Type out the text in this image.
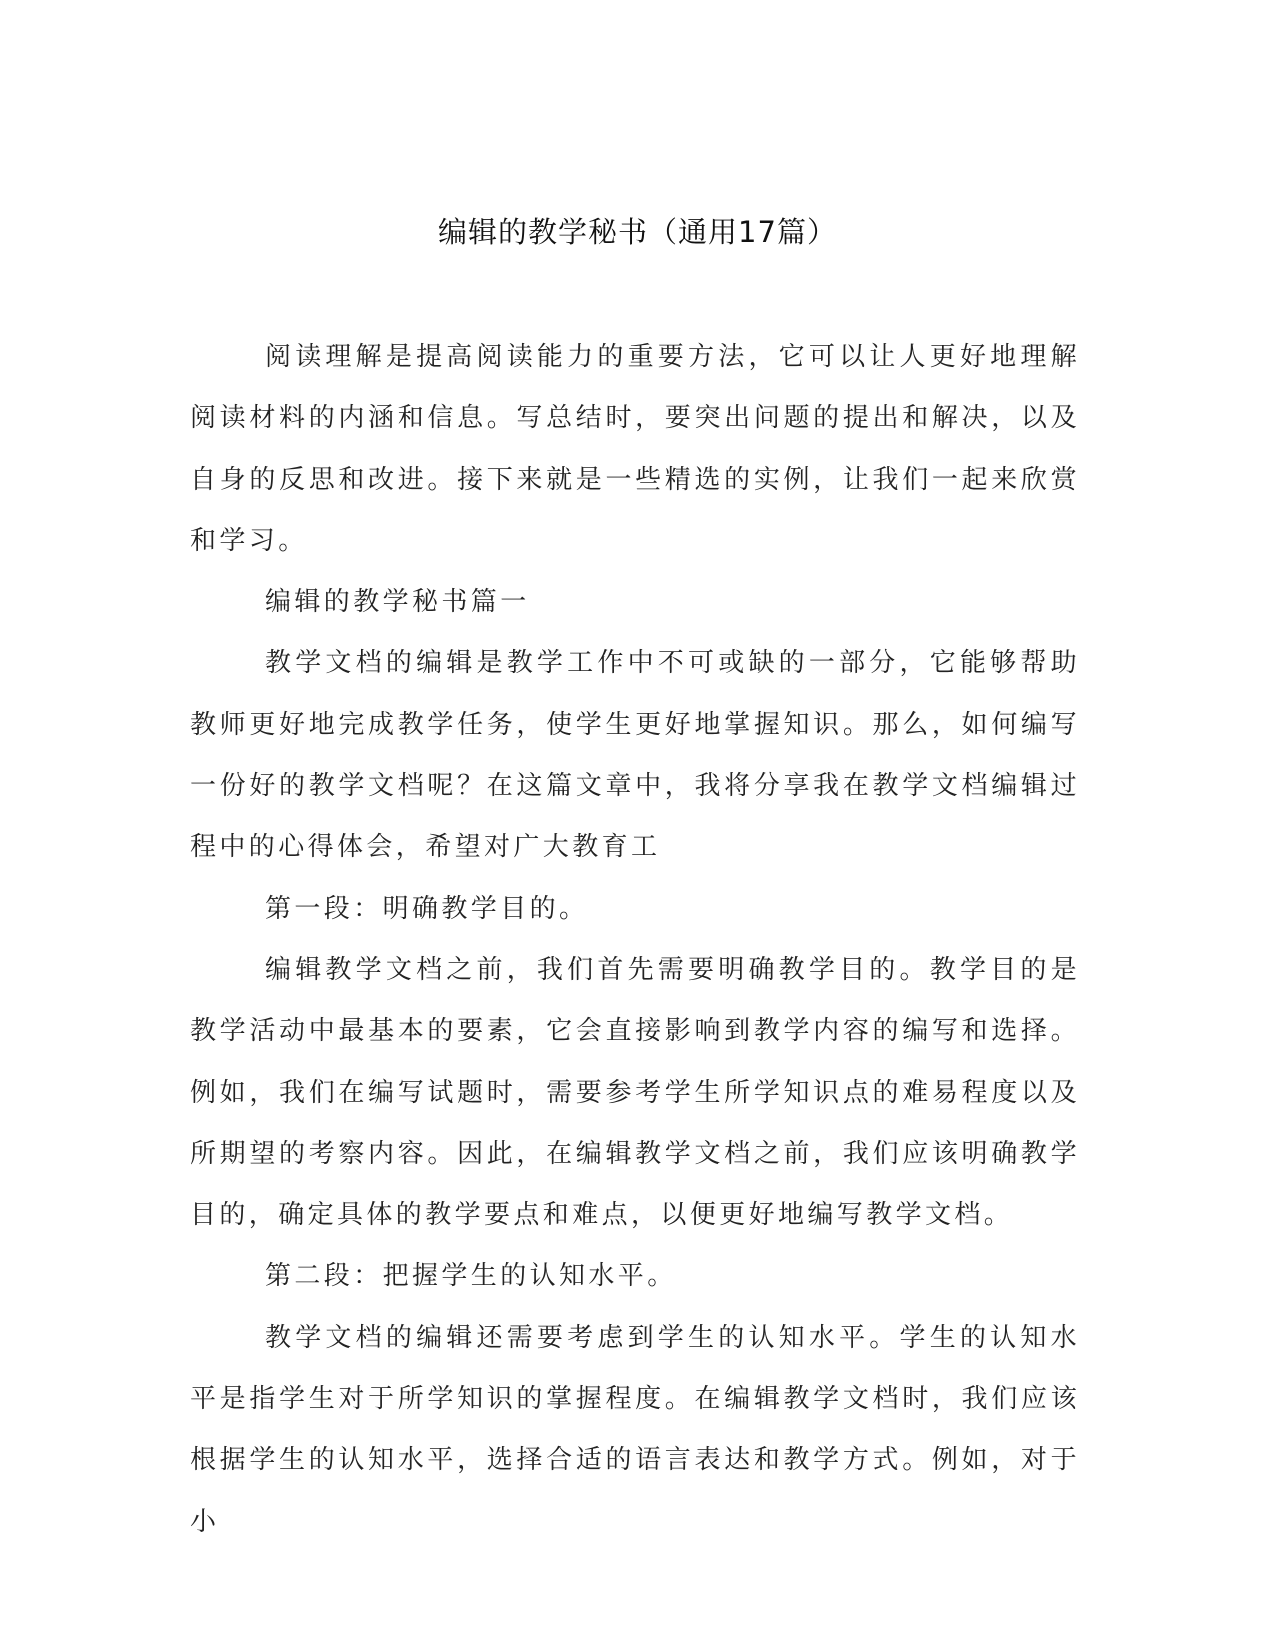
编辑的教学秘书（通用17篇）

阅读理解是提高阅读能力的重要方法，它可以让人更好地理解阅读材料的内涵和信息。写总结时，要突出问题的提出和解决，以及自身的反思和改进。接下来就是一些精选的实例，让我们一起来欣赏和学习。

编辑的教学秘书篇一

教学文档的编辑是教学工作中不可或缺的一部分，它能够帮助教师更好地完成教学任务，使学生更好地掌握知识。那么，如何编写一份好的教学文档呢？在这篇文章中，我将分享我在教学文档编辑过程中的心得体会，希望对广大教育工

第一段：明确教学目的。

编辑教学文档之前，我们首先需要明确教学目的。教学目的是教学活动中最基本的要素，它会直接影响到教学内容的编写和选择。例如，我们在编写试题时，需要参考学生所学知识点的难易程度以及所期望的考察内容。因此，在编辑教学文档之前，我们应该明确教学目的，确定具体的教学要点和难点，以便更好地编写教学文档。

第二段：把握学生的认知水平。

教学文档的编辑还需要考虑到学生的认知水平。学生的认知水平是指学生对于所学知识的掌握程度。在编辑教学文档时，我们应该根据学生的认知水平，选择合适的语言表达和教学方式。例如，对于小
